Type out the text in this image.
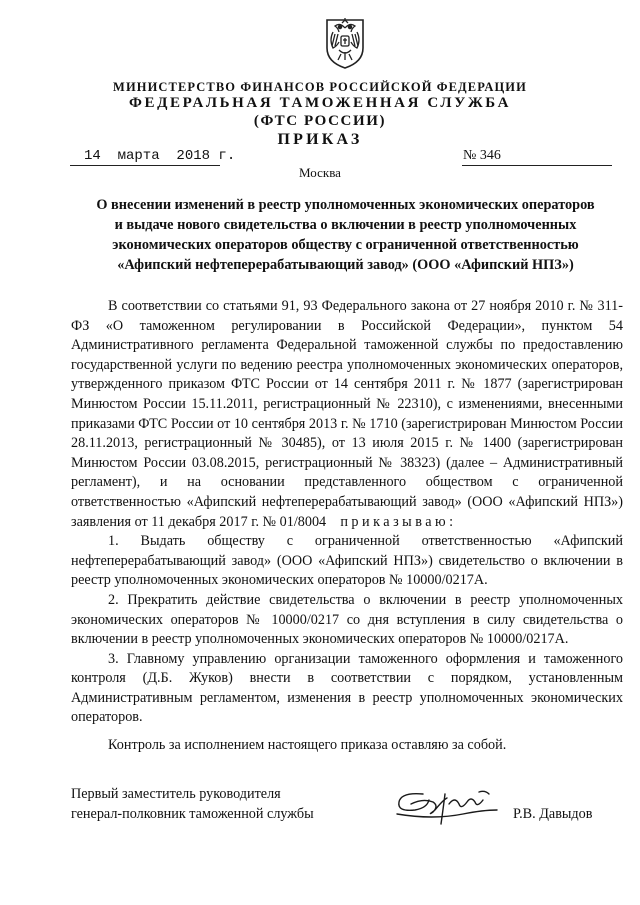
МИНИСТЕРСТВО ФИНАНСОВ РОССИЙСКОЙ ФЕДЕРАЦИИ
ФЕДЕРАЛЬНАЯ ТАМОЖЕННАЯ СЛУЖБА
(ФТС РОССИИ)
ПРИКАЗ
14  марта  2018 г.	№ 346
Москва
О внесении изменений в реестр уполномоченных экономических операторов
и выдаче нового свидетельства о включении в реестр уполномоченных
экономических операторов обществу с ограниченной ответственностью
«Афипский нефтеперерабатывающий завод» (ООО «Афипский НПЗ»)

В соответствии со статьями 91, 93 Федерального закона от 27 ноября 2010 г. № 311-ФЗ «О таможенном регулировании в Российской Федерации», пунктом 54 Административного регламента Федеральной таможенной службы по предоставлению государственной услуги по ведению реестра уполномоченных экономических операторов, утвержденного приказом ФТС России от 14 сентября 2011 г. № 1877 (зарегистрирован Минюстом России 15.11.2011, регистрационный № 22310), с изменениями, внесенными приказами ФТС России от 10 сентября 2013 г. № 1710 (зарегистрирован Минюстом России 28.11.2013, регистрационный № 30485), от 13 июля 2015 г. № 1400 (зарегистрирован Минюстом России 03.08.2015, регистрационный № 38323) (далее – Административный регламент), и на основании представленного обществом с ограниченной ответственностью «Афипский нефтеперерабатывающий завод» (ООО «Афипский НПЗ») заявления от 11 декабря 2017 г. № 01/8004 приказываю:

1. Выдать обществу с ограниченной ответственностью «Афипский нефтеперерабатывающий завод» (ООО «Афипский НПЗ») свидетельство о включении в реестр уполномоченных экономических операторов № 10000/0217А.

2. Прекратить действие свидетельства о включении в реестр уполномоченных экономических операторов № 10000/0217 со дня вступления в силу свидетельства о включении в реестр уполномоченных экономических операторов № 10000/0217А.

3. Главному управлению организации таможенного оформления и таможенного контроля (Д.Б. Жуков) внести в соответствии с порядком, установленным Административным регламентом, изменения в реестр уполномоченных экономических операторов.

Контроль за исполнением настоящего приказа оставляю за собой.
Первый заместитель руководителя
генерал-полковник таможенной службы	Р.В. Давыдов
